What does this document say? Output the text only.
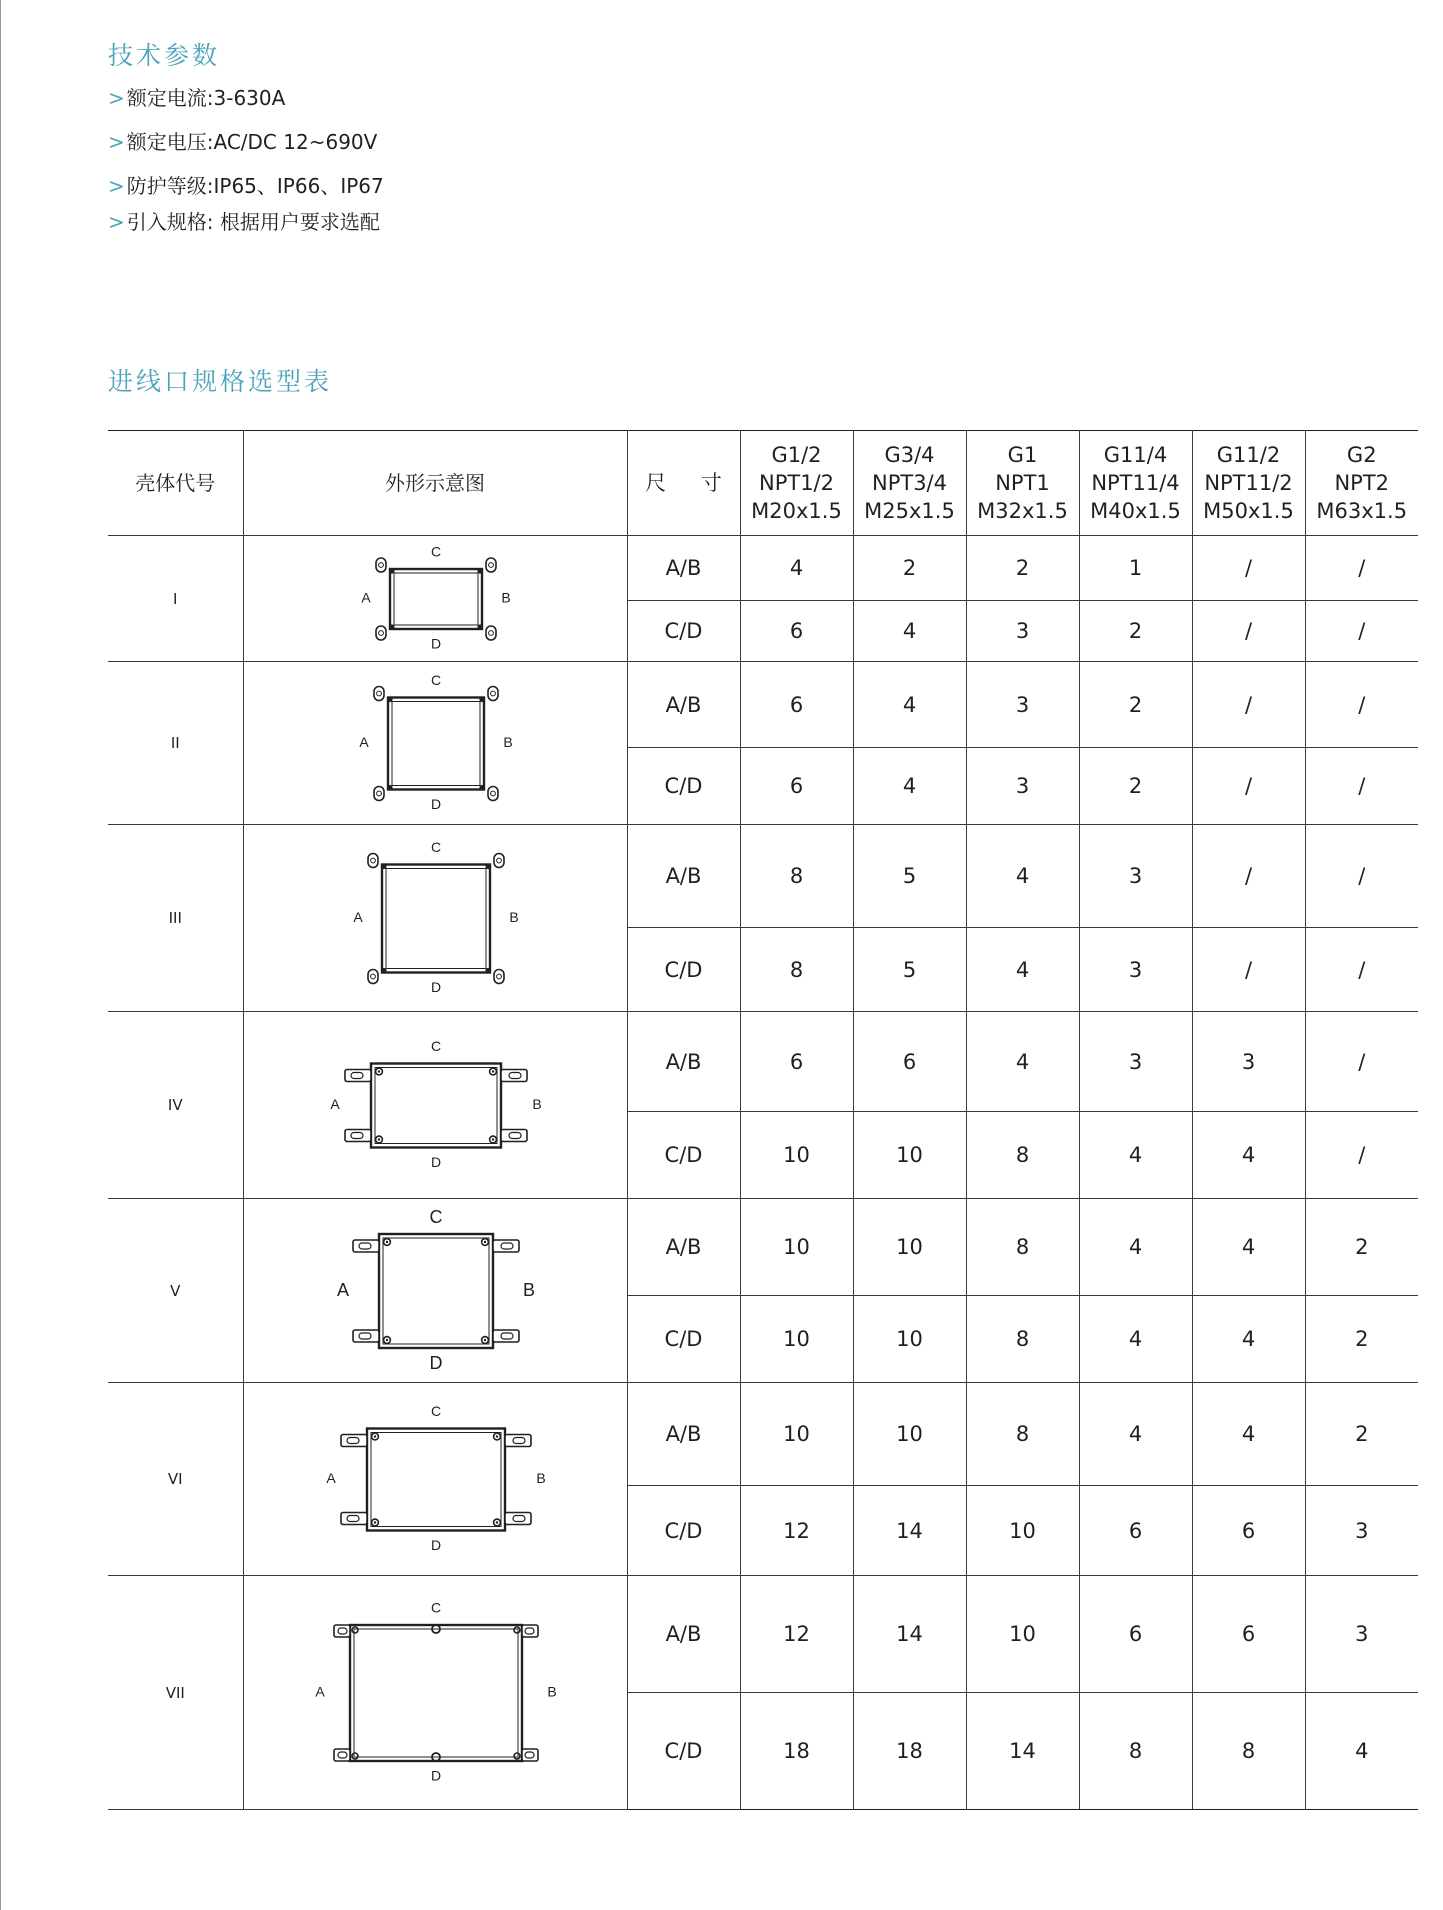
技术参数
> 额定电流:3-630A
> 额定电压:AC/DC 12~690V
> 防护等级:IP65、IP66、IP67
> 引入规格: 根据用户要求选配
进线口规格选型表
壳体代号	外形示意图	尺 寸	G1/2
NPT1/2
M20x1.5	G3/4
NPT3/4
M25x1.5	G1
NPT1
M32x1.5	G11/4
NPT11/4
M40x1.5	G11/2
NPT11/2
M50x1.5	G2
NPT2
M63x1.5

I	C
D
A B	A/B	4	2	2	1	/	/
		C/D	6	4	3	2	/	/
II	C
D
A B	A/B	6	4	3	2	/	/
		C/D	6	4	3	2	/	/
III	C
D
A B	A/B	8	5	4	3	/	/
		C/D	8	5	4	3	/	/
IV	C
D
A B	A/B	6	6	4	3	3	/
		C/D	10	10	8	4	4	/
V	C
D
A B	A/B	10	10	8	4	4	2
		C/D	10	10	8	4	4	2
VI	C
D
A B	A/B	10	10	8	4	4	2
		C/D	12	14	10	6	6	3
VII	C
D
A B	A/B	12	14	10	6	6	3
		C/D	18	18	14	8	8	4
